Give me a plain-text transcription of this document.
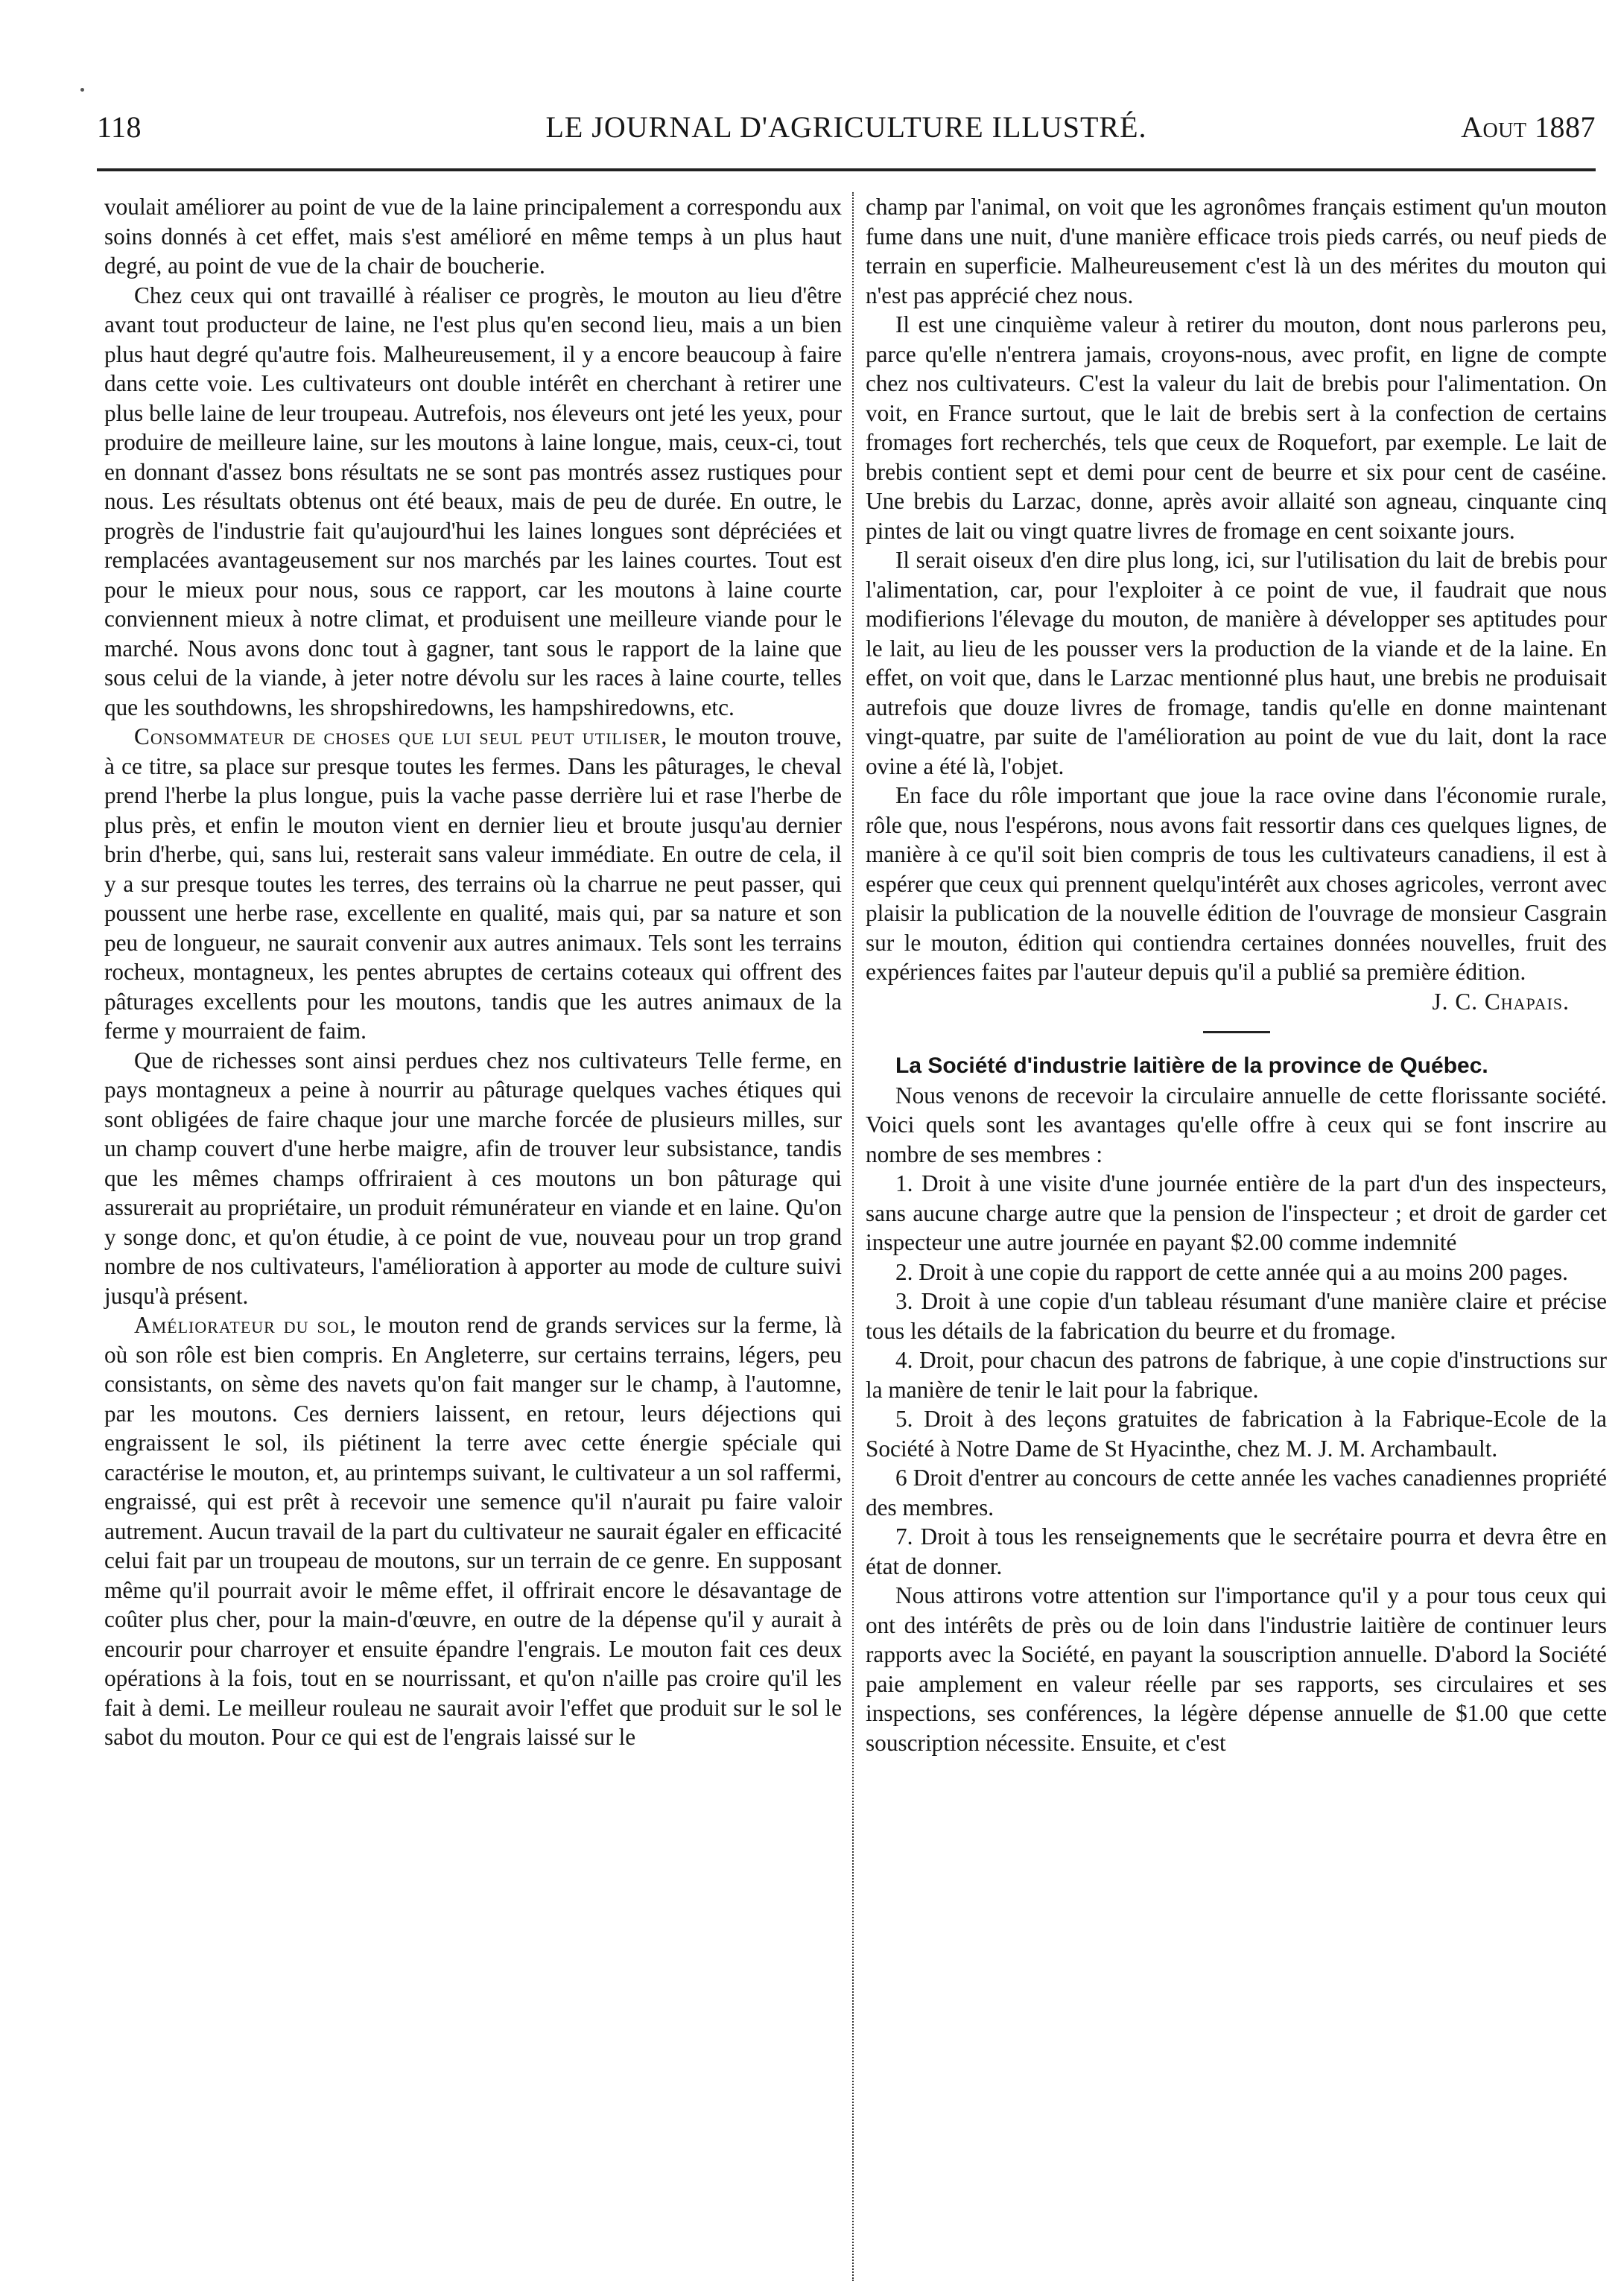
118	LE JOURNAL D'AGRICULTURE ILLUSTRÉ.	Aout 1887

voulait améliorer au point de vue de la laine principalement a correspondu aux soins donnés à cet effet, mais s'est amélioré en même temps à un plus haut degré, au point de vue de la chair de boucherie.

Chez ceux qui ont travaillé à réaliser ce progrès, le mouton au lieu d'être avant tout producteur de laine, ne l'est plus qu'en second lieu, mais a un bien plus haut degré qu'autre fois. Malheureusement, il y a encore beaucoup à faire dans cette voie. Les cultivateurs ont double intérêt en cherchant à retirer une plus belle laine de leur troupeau. Autrefois, nos éleveurs ont jeté les yeux, pour produire de meilleure laine, sur les moutons à laine longue, mais, ceux-ci, tout en donnant d'assez bons résultats ne se sont pas montrés assez rustiques pour nous. Les résultats obtenus ont été beaux, mais de peu de durée. En outre, le progrès de l'industrie fait qu'aujourd'hui les laines longues sont dépréciées et remplacées avantageusement sur nos marchés par les laines courtes. Tout est pour le mieux pour nous, sous ce rapport, car les moutons à laine courte conviennent mieux à notre climat, et produisent une meilleure viande pour le marché. Nous avons donc tout à gagner, tant sous le rapport de la laine que sous celui de la viande, à jeter notre dévolu sur les races à laine courte, telles que les southdowns, les shropshiredowns, les hampshiredowns, etc.

Consommateur de choses que lui seul peut utiliser, le mouton trouve, à ce titre, sa place sur presque toutes les fermes. Dans les pâturages, le cheval prend l'herbe la plus longue, puis la vache passe derrière lui et rase l'herbe de plus près, et enfin le mouton vient en dernier lieu et broute jusqu'au dernier brin d'herbe, qui, sans lui, resterait sans valeur immédiate. En outre de cela, il y a sur presque toutes les terres, des terrains où la charrue ne peut passer, qui poussent une herbe rase, excellente en qualité, mais qui, par sa nature et son peu de longueur, ne saurait convenir aux autres animaux. Tels sont les terrains rocheux, montagneux, les pentes abruptes de certains coteaux qui offrent des pâturages excellents pour les moutons, tandis que les autres animaux de la ferme y mourraient de faim.

Que de richesses sont ainsi perdues chez nos cultivateurs Telle ferme, en pays montagneux a peine à nourrir au pâturage quelques vaches étiques qui sont obligées de faire chaque jour une marche forcée de plusieurs milles, sur un champ couvert d'une herbe maigre, afin de trouver leur subsistance, tandis que les mêmes champs offriraient à ces moutons un bon pâturage qui assurerait au propriétaire, un produit rémunérateur en viande et en laine. Qu'on y songe donc, et qu'on étudie, à ce point de vue, nouveau pour un trop grand nombre de nos cultivateurs, l'amélioration à apporter au mode de culture suivi jusqu'à présent.

Améliorateur du sol, le mouton rend de grands services sur la ferme, là où son rôle est bien compris. En Angleterre, sur certains terrains, légers, peu consistants, on sème des navets qu'on fait manger sur le champ, à l'automne, par les moutons. Ces derniers laissent, en retour, leurs déjections qui engraissent le sol, ils piétinent la terre avec cette énergie spéciale qui caractérise le mouton, et, au printemps suivant, le cultivateur a un sol raffermi, engraissé, qui est prêt à recevoir une semence qu'il n'aurait pu faire valoir autrement. Aucun travail de la part du cultivateur ne saurait égaler en efficacité celui fait par un troupeau de moutons, sur un terrain de ce genre. En supposant même qu'il pourrait avoir le même effet, il offrirait encore le désavantage de coûter plus cher, pour la main-d'œuvre, en outre de la dépense qu'il y aurait à encourir pour charroyer et ensuite épandre l'engrais. Le mouton fait ces deux opérations à la fois, tout en se nourrissant, et qu'on n'aille pas croire qu'il les fait à demi. Le meilleur rouleau ne saurait avoir l'effet que produit sur le sol le sabot du mouton. Pour ce qui est de l'engrais laissé sur le

champ par l'animal, on voit que les agronômes français estiment qu'un mouton fume dans une nuit, d'une manière efficace trois pieds carrés, ou neuf pieds de terrain en superficie. Malheureusement c'est là un des mérites du mouton qui n'est pas apprécié chez nous.

Il est une cinquième valeur à retirer du mouton, dont nous parlerons peu, parce qu'elle n'entrera jamais, croyons-nous, avec profit, en ligne de compte chez nos cultivateurs. C'est la valeur du lait de brebis pour l'alimentation. On voit, en France surtout, que le lait de brebis sert à la confection de certains fromages fort recherchés, tels que ceux de Roquefort, par exemple. Le lait de brebis contient sept et demi pour cent de beurre et six pour cent de caséine. Une brebis du Larzac, donne, après avoir allaité son agneau, cinquante cinq pintes de lait ou vingt quatre livres de fromage en cent soixante jours.

Il serait oiseux d'en dire plus long, ici, sur l'utilisation du lait de brebis pour l'alimentation, car, pour l'exploiter à ce point de vue, il faudrait que nous modifierions l'élevage du mouton, de manière à développer ses aptitudes pour le lait, au lieu de les pousser vers la production de la viande et de la laine. En effet, on voit que, dans le Larzac mentionné plus haut, une brebis ne produisait autrefois que douze livres de fromage, tandis qu'elle en donne maintenant vingt-quatre, par suite de l'amélioration au point de vue du lait, dont la race ovine a été là, l'objet.

En face du rôle important que joue la race ovine dans l'économie rurale, rôle que, nous l'espérons, nous avons fait ressortir dans ces quelques lignes, de manière à ce qu'il soit bien compris de tous les cultivateurs canadiens, il est à espérer que ceux qui prennent quelqu'intérêt aux choses agricoles, verront avec plaisir la publication de la nouvelle édition de l'ouvrage de monsieur Casgrain sur le mouton, édition qui contiendra certaines données nouvelles, fruit des expériences faites par l'auteur depuis qu'il a publié sa première édition.

J. C. Chapais.

La Société d'industrie laitière de la province de Québec.

Nous venons de recevoir la circulaire annuelle de cette florissante société. Voici quels sont les avantages qu'elle offre à ceux qui se font inscrire au nombre de ses membres :

1. Droit à une visite d'une journée entière de la part d'un des inspecteurs, sans aucune charge autre que la pension de l'inspecteur ; et droit de garder cet inspecteur une autre journée en payant $2.00 comme indemnité

2. Droit à une copie du rapport de cette année qui a au moins 200 pages.

3. Droit à une copie d'un tableau résumant d'une manière claire et précise tous les détails de la fabrication du beurre et du fromage.

4. Droit, pour chacun des patrons de fabrique, à une copie d'instructions sur la manière de tenir le lait pour la fabrique.

5. Droit à des leçons gratuites de fabrication à la Fabrique-Ecole de la Société à Notre Dame de St Hyacinthe, chez M. J. M. Archambault.

6 Droit d'entrer au concours de cette année les vaches canadiennes propriété des membres.

7. Droit à tous les renseignements que le secrétaire pourra et devra être en état de donner.

Nous attirons votre attention sur l'importance qu'il y a pour tous ceux qui ont des intérêts de près ou de loin dans l'industrie laitière de continuer leurs rapports avec la Société, en payant la souscription annuelle. D'abord la Société paie amplement en valeur réelle par ses rapports, ses circulaires et ses inspections, ses conférences, la légère dépense annuelle de $1.00 que cette souscription nécessite. Ensuite, et c'est
